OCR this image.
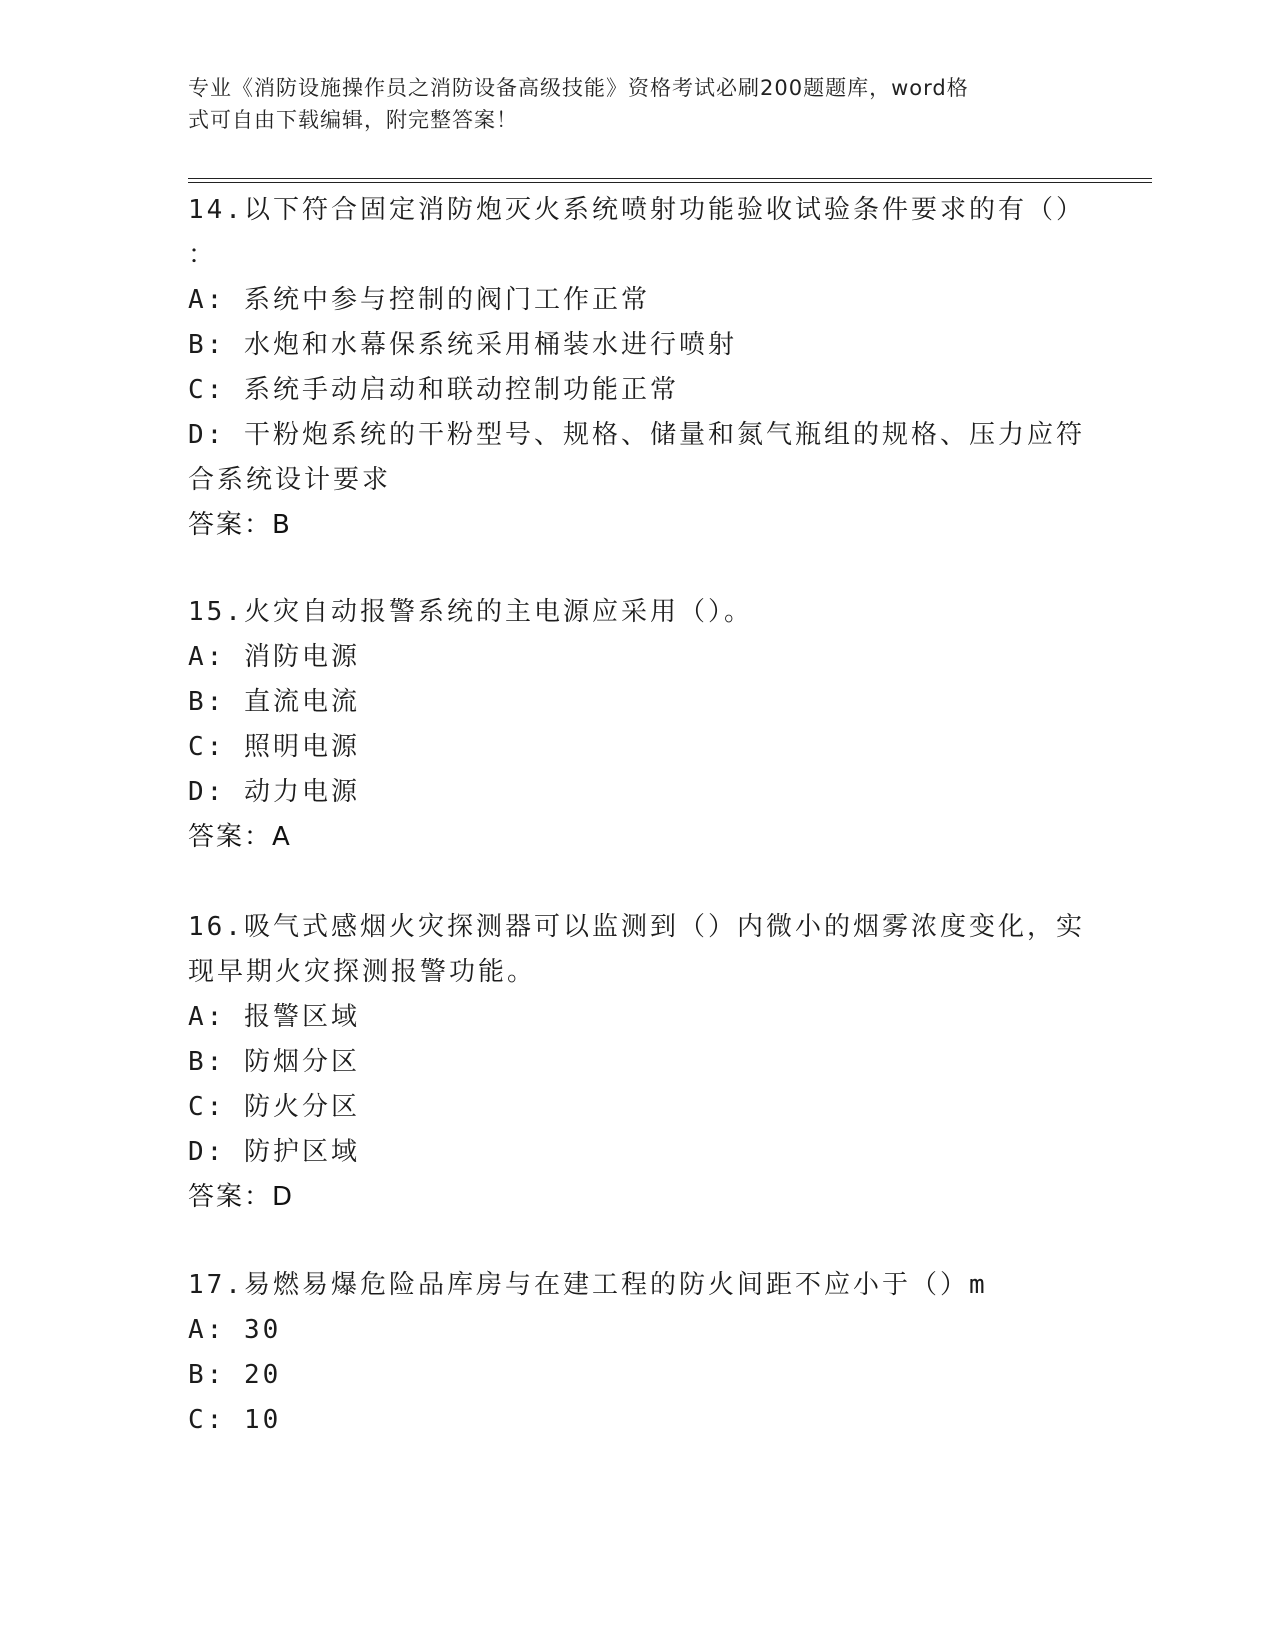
专业《消防设施操作员之消防设备高级技能》资格考试必刷200题题库，word格
式可自由下载编辑，附完整答案！
14.以下符合固定消防炮灭火系统喷射功能验收试验条件要求的有（）
：
A: 系统中参与控制的阀门工作正常
B: 水炮和水幕保系统采用桶装水进行喷射
C: 系统手动启动和联动控制功能正常
D: 干粉炮系统的干粉型号、规格、储量和氮气瓶组的规格、压力应符
合系统设计要求
答案：B
15.火灾自动报警系统的主电源应采用（）。
A: 消防电源
B: 直流电流
C: 照明电源
D: 动力电源
答案：A
16.吸气式感烟火灾探测器可以监测到（）内微小的烟雾浓度变化，实
现早期火灾探测报警功能。
A: 报警区域
B: 防烟分区
C: 防火分区
D: 防护区域
答案：D
17.易燃易爆危险品库房与在建工程的防火间距不应小于（）m
A: 30
B: 20
C: 10
